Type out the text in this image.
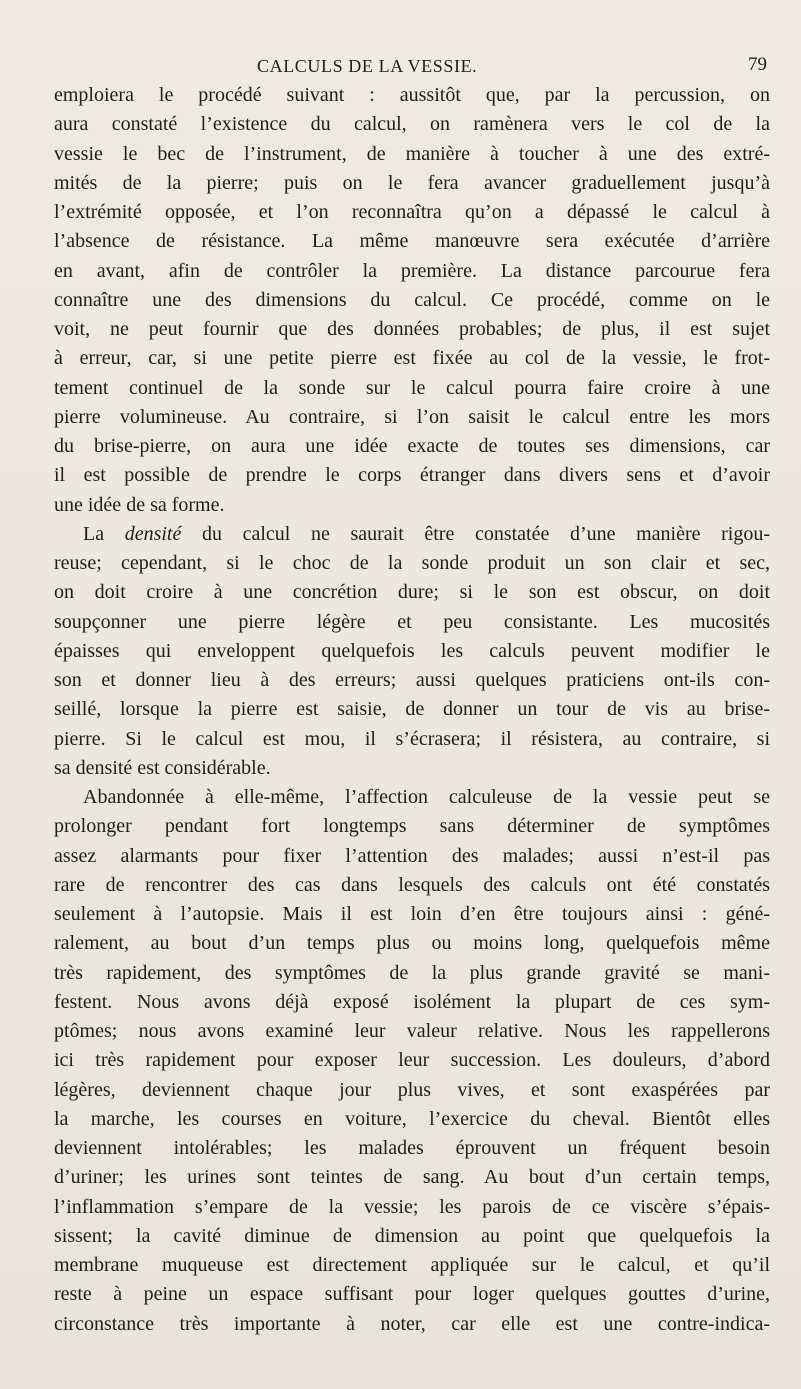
CALCULS DE LA VESSIE.	79
emploiera le procédé suivant : aussitôt que, par la percussion, on
aura constaté l’existence du calcul, on ramènera vers le col de la
vessie le bec de l’instrument, de manière à toucher à une des extré-
mités de la pierre; puis on le fera avancer graduellement jusqu’à
l’extrémité opposée, et l’on reconnaîtra qu’on a dépassé le calcul à
l’absence de résistance. La même manœuvre sera exécutée d’arrière
en avant, afin de contrôler la première. La distance parcourue fera
connaître une des dimensions du calcul. Ce procédé, comme on le
voit, ne peut fournir que des données probables; de plus, il est sujet
à erreur, car, si une petite pierre est fixée au col de la vessie, le frot-
tement continuel de la sonde sur le calcul pourra faire croire à une
pierre volumineuse. Au contraire, si l’on saisit le calcul entre les mors
du brise-pierre, on aura une idée exacte de toutes ses dimensions, car
il est possible de prendre le corps étranger dans divers sens et d’avoir
une idée de sa forme.
La densité du calcul ne saurait être constatée d’une manière rigou-
reuse; cependant, si le choc de la sonde produit un son clair et sec,
on doit croire à une concrétion dure; si le son est obscur, on doit
soupçonner une pierre légère et peu consistante. Les mucosités
épaisses qui enveloppent quelquefois les calculs peuvent modifier le
son et donner lieu à des erreurs; aussi quelques praticiens ont-ils con-
seillé, lorsque la pierre est saisie, de donner un tour de vis au brise-
pierre. Si le calcul est mou, il s’écrasera; il résistera, au contraire, si
sa densité est considérable.
Abandonnée à elle-même, l’affection calculeuse de la vessie peut se
prolonger pendant fort longtemps sans déterminer de symptômes
assez alarmants pour fixer l’attention des malades; aussi n’est-il pas
rare de rencontrer des cas dans lesquels des calculs ont été constatés
seulement à l’autopsie. Mais il est loin d’en être toujours ainsi : géné-
ralement, au bout d’un temps plus ou moins long, quelquefois même
très rapidement, des symptômes de la plus grande gravité se mani-
festent. Nous avons déjà exposé isolément la plupart de ces sym-
ptômes; nous avons examiné leur valeur relative. Nous les rappellerons
ici très rapidement pour exposer leur succession. Les douleurs, d’abord
légères, deviennent chaque jour plus vives, et sont exaspérées par
la marche, les courses en voiture, l’exercice du cheval. Bientôt elles
deviennent intolérables; les malades éprouvent un fréquent besoin
d’uriner; les urines sont teintes de sang. Au bout d’un certain temps,
l’inflammation s’empare de la vessie; les parois de ce viscère s’épais-
sissent; la cavité diminue de dimension au point que quelquefois la
membrane muqueuse est directement appliquée sur le calcul, et qu’il
reste à peine un espace suffisant pour loger quelques gouttes d’urine,
circonstance très importante à noter, car elle est une contre-indica-
